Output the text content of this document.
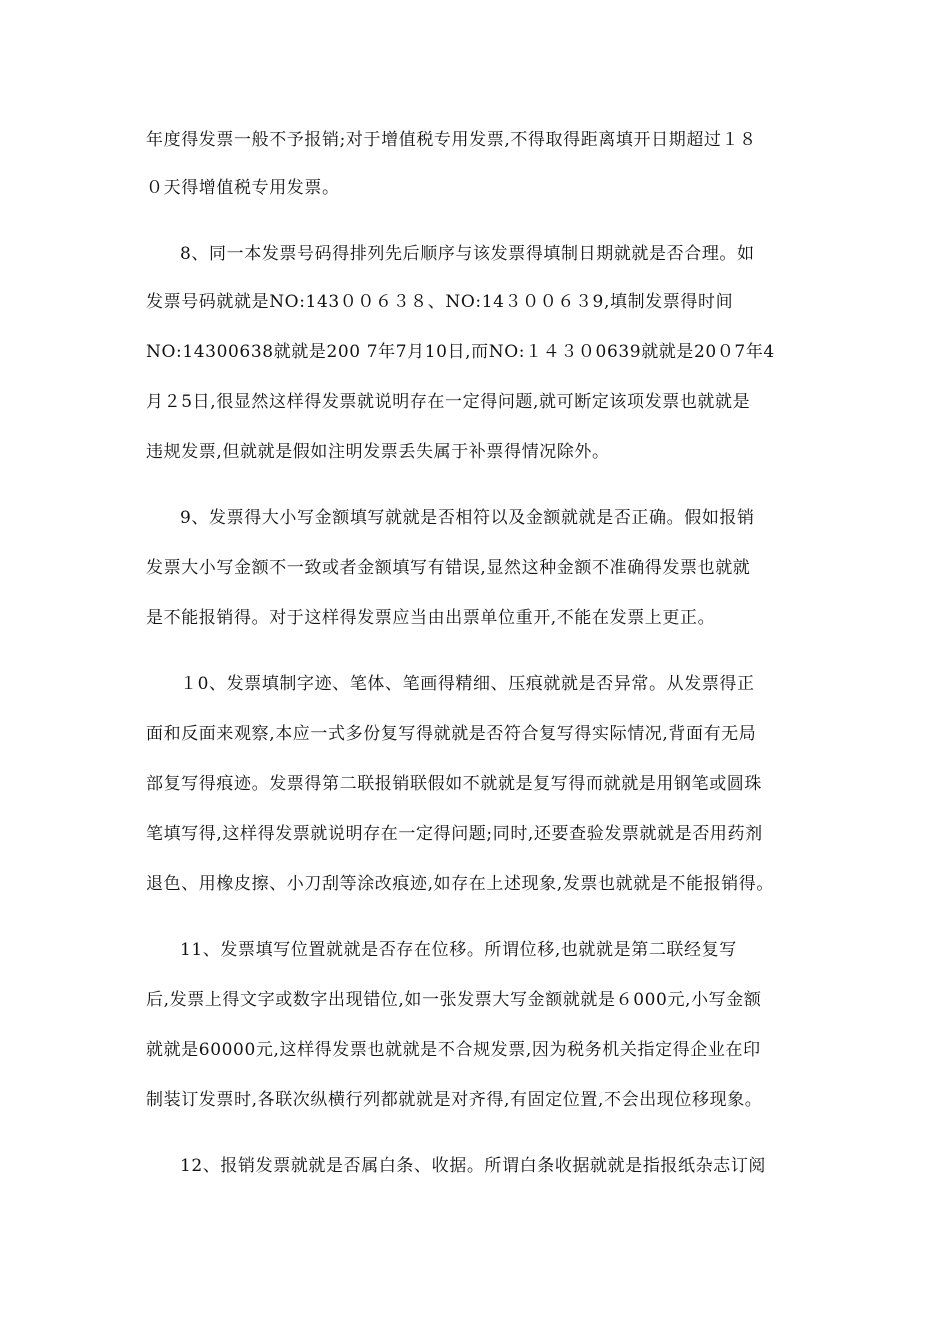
年度得发票一般不予报销;对于增值税专用发票,不得取得距离填开日期超过１８
０天得增值税专用发票。
8、同一本发票号码得排列先后顺序与该发票得填制日期就就是否合理。如
发票号码就就是NO:143００６３８、NO:14３００６３9,填制发票得时间
NO:14300638就就是200 7年7月10日,而NO:１４３０0639就就是20０7年4
月２5日,很显然这样得发票就说明存在一定得问题,就可断定该项发票也就就是
违规发票,但就就是假如注明发票丢失属于补票得情况除外。
9、发票得大小写金额填写就就是否相符以及金额就就是否正确。假如报销
发票大小写金额不一致或者金额填写有错误,显然这种金额不准确得发票也就就
是不能报销得。对于这样得发票应当由出票单位重开,不能在发票上更正。
１0、发票填制字迹、笔体、笔画得精细、压痕就就是否异常。从发票得正
面和反面来观察,本应一式多份复写得就就是否符合复写得实际情况,背面有无局
部复写得痕迹。发票得第二联报销联假如不就就是复写得而就就是用钢笔或圆珠
笔填写得,这样得发票就说明存在一定得问题;同时,还要查验发票就就是否用药剂
退色、用橡皮擦、小刀刮等涂改痕迹,如存在上述现象,发票也就就是不能报销得。
11、发票填写位置就就是否存在位移。所谓位移,也就就是第二联经复写
后,发票上得文字或数字出现错位,如一张发票大写金额就就是６000元,小写金额
就就是60000元,这样得发票也就就是不合规发票,因为税务机关指定得企业在印
制装订发票时,各联次纵横行列都就就是对齐得,有固定位置,不会出现位移现象。
12、报销发票就就是否属白条、收据。所谓白条收据就就是指报纸杂志订阅
